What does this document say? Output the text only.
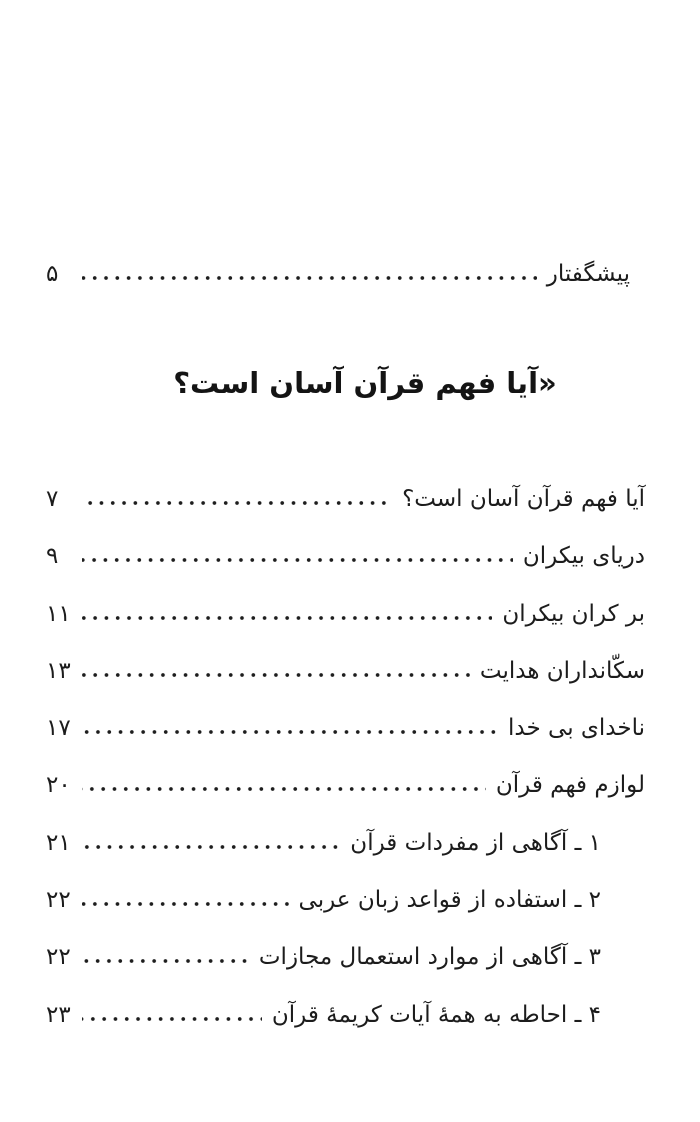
پیشگفتار
۵
«آیا فهم قرآن آسان است؟
آیا فهم قرآن آسان است؟
۷
دریای بیکران
۹
بر کران بیکران
۱۱
سکّانداران هدایت
۱۳
ناخدای بی خدا
۱۷
لوازم فهم قرآن
۲۰
۱ ـ آگاهی از مفردات قرآن
۲۱
۲ ـ استفاده از قواعد زبان عربی
۲۲
۳ ـ آگاهی از موارد استعمال مجازات
۲۲
۴ ـ احاطه به همهٔ آیات کریمهٔ قرآن
۲۳
